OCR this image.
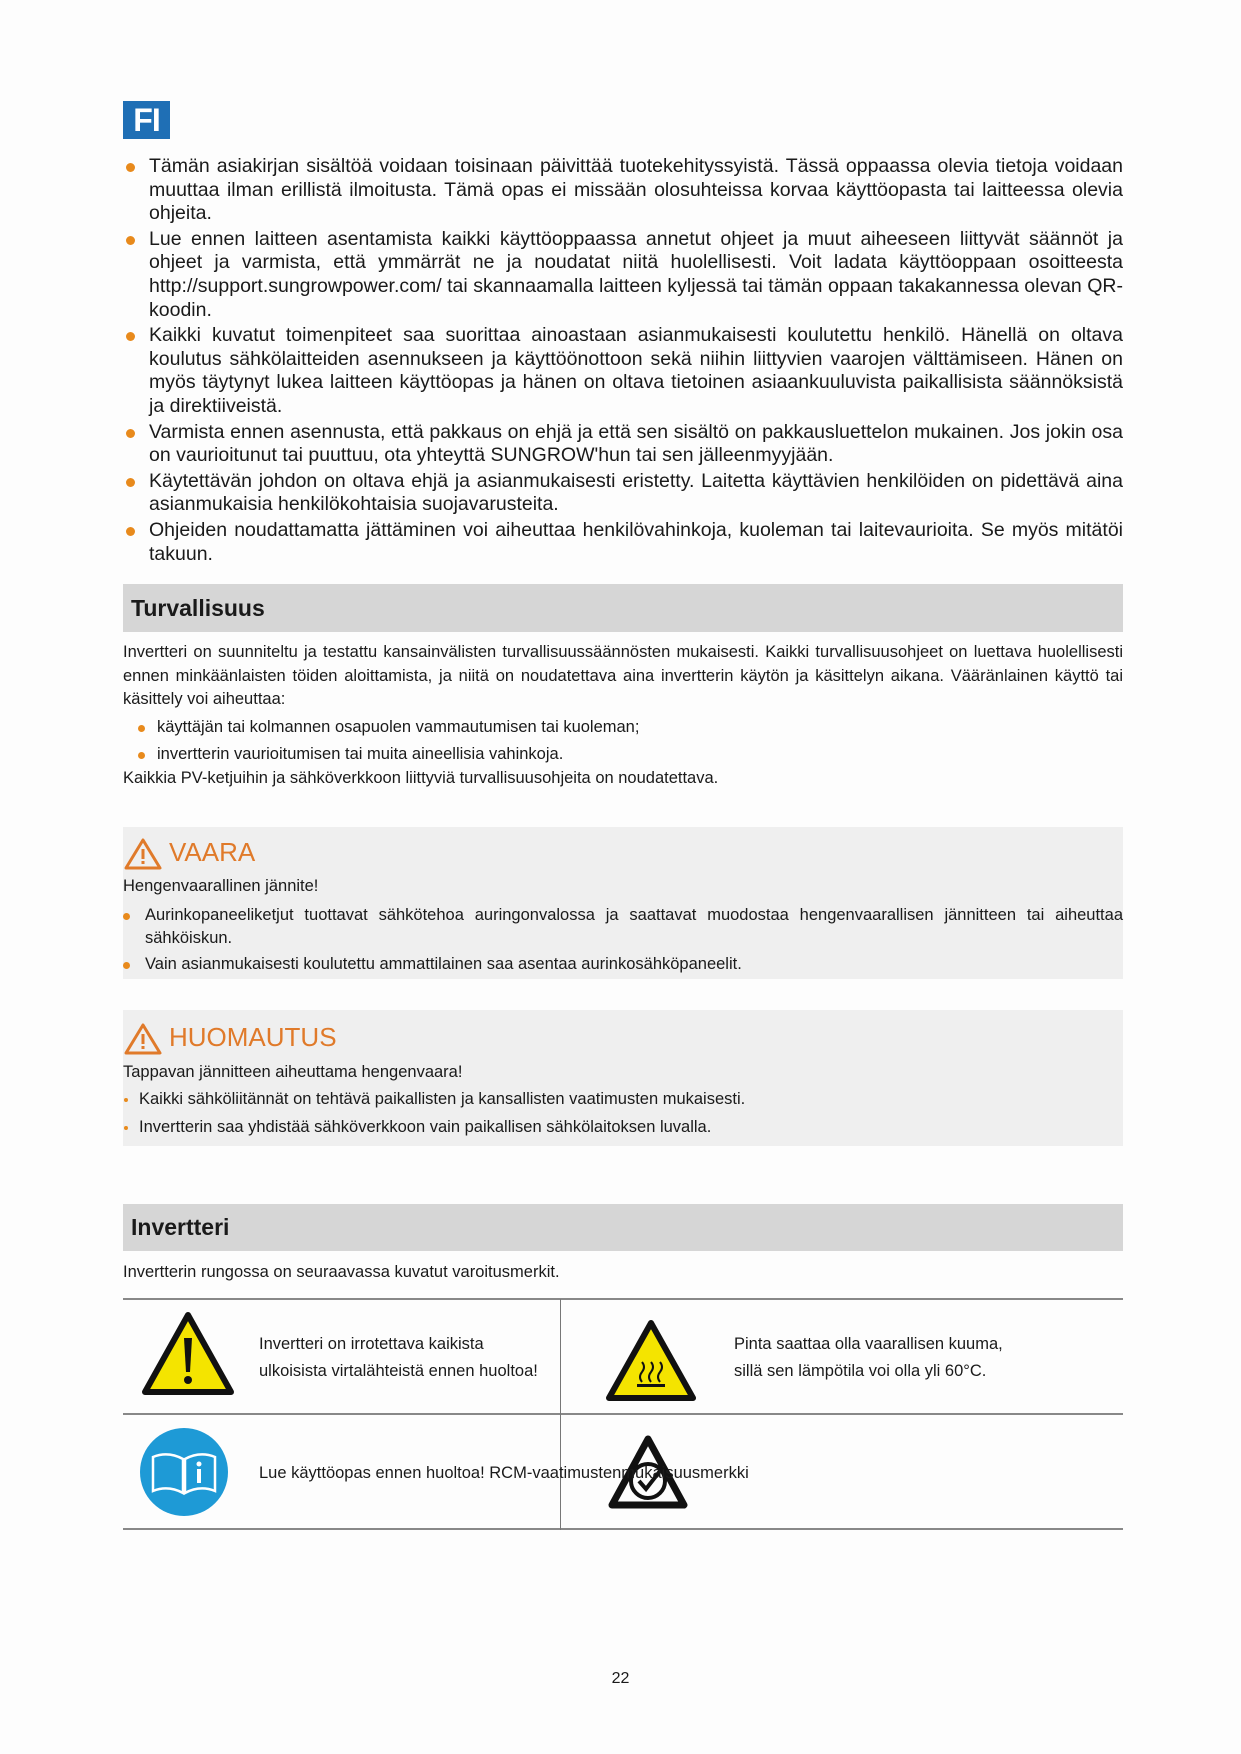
FI
Tämän asiakirjan sisältöä voidaan toisinaan päivittää tuotekehityssyistä. Tässä oppaassa olevia tietoja voidaan muuttaa ilman erillistä ilmoitusta. Tämä opas ei missään olosuhteissa korvaa käyttöopasta tai laitteessa olevia ohjeita.
Lue ennen laitteen asentamista kaikki käyttöoppaassa annetut ohjeet ja muut aiheeseen liittyvät säännöt ja ohjeet ja varmista, että ymmärrät ne ja noudatat niitä huolellisesti. Voit ladata käyttöoppaan osoitteesta http://support.sungrowpower.com/ tai skannaamalla laitteen kyljessä tai tämän oppaan takakannessa olevan QR-koodin.
Kaikki kuvatut toimenpiteet saa suorittaa ainoastaan asianmukaisesti koulutettu henkilö. Hänellä on oltava koulutus sähkölaitteiden asennukseen ja käyttöönottoon sekä niihin liittyvien vaarojen välttämiseen. Hänen on myös täytynyt lukea laitteen käyttöopas ja hänen on oltava tietoinen asiaankuuluvista paikallisista säännöksistä ja direktiiveistä.
Varmista ennen asennusta, että pakkaus on ehjä ja että sen sisältö on pakkausluettelon mukainen. Jos jokin osa on vaurioitunut tai puuttuu, ota yhteyttä SUNGROW'hun tai sen jälleenmyyjään.
Käytettävän johdon on oltava ehjä ja asianmukaisesti eristetty. Laitetta käyttävien henkilöiden on pidettävä aina asianmukaisia henkilökohtaisia suojavarusteita.
Ohjeiden noudattamatta jättäminen voi aiheuttaa henkilövahinkoja, kuoleman tai laitevaurioita. Se myös mitätöi takuun.
Turvallisuus
Invertteri on suunniteltu ja testattu kansainvälisten turvallisuussäännösten mukaisesti. Kaikki turvallisuusohjeet on luettava huolellisesti ennen minkäänlaisten töiden aloittamista, ja niitä on noudatettava aina invertterin käytön ja käsittelyn aikana. Vääränlainen käyttö tai käsittely voi aiheuttaa:
käyttäjän tai kolmannen osapuolen vammautumisen tai kuoleman;
invertterin vaurioitumisen tai muita aineellisia vahinkoja.
Kaikkia PV-ketjuihin ja sähköverkkoon liittyviä turvallisuusohjeita on noudatettava.
VAARA
Hengenvaarallinen jännite!
Aurinkopaneeliketjut tuottavat sähkötehoa auringonvalossa ja saattavat muodostaa hengenvaarallisen jännitteen tai aiheuttaa sähköiskun.
Vain asianmukaisesti koulutettu ammattilainen saa asentaa aurinkosähköpaneelit.
HUOMAUTUS
Tappavan jännitteen aiheuttama hengenvaara!
Kaikki sähköliitännät on tehtävä paikallisten ja kansallisten vaatimusten mukaisesti.
Invertterin saa yhdistää sähköverkkoon vain paikallisen sähkölaitoksen luvalla.
Invertteri
Invertterin rungossa on seuraavassa kuvatut varoitusmerkit.
Invertteri on irrotettava kaikista
ulkoisista virtalähteistä ennen huoltoa!
Pinta saattaa olla vaarallisen kuuma,
sillä sen lämpötila voi olla yli 60°C.
Lue käyttöopas ennen huoltoa! RCM-vaatimustenmukaisuusmerkki
22
